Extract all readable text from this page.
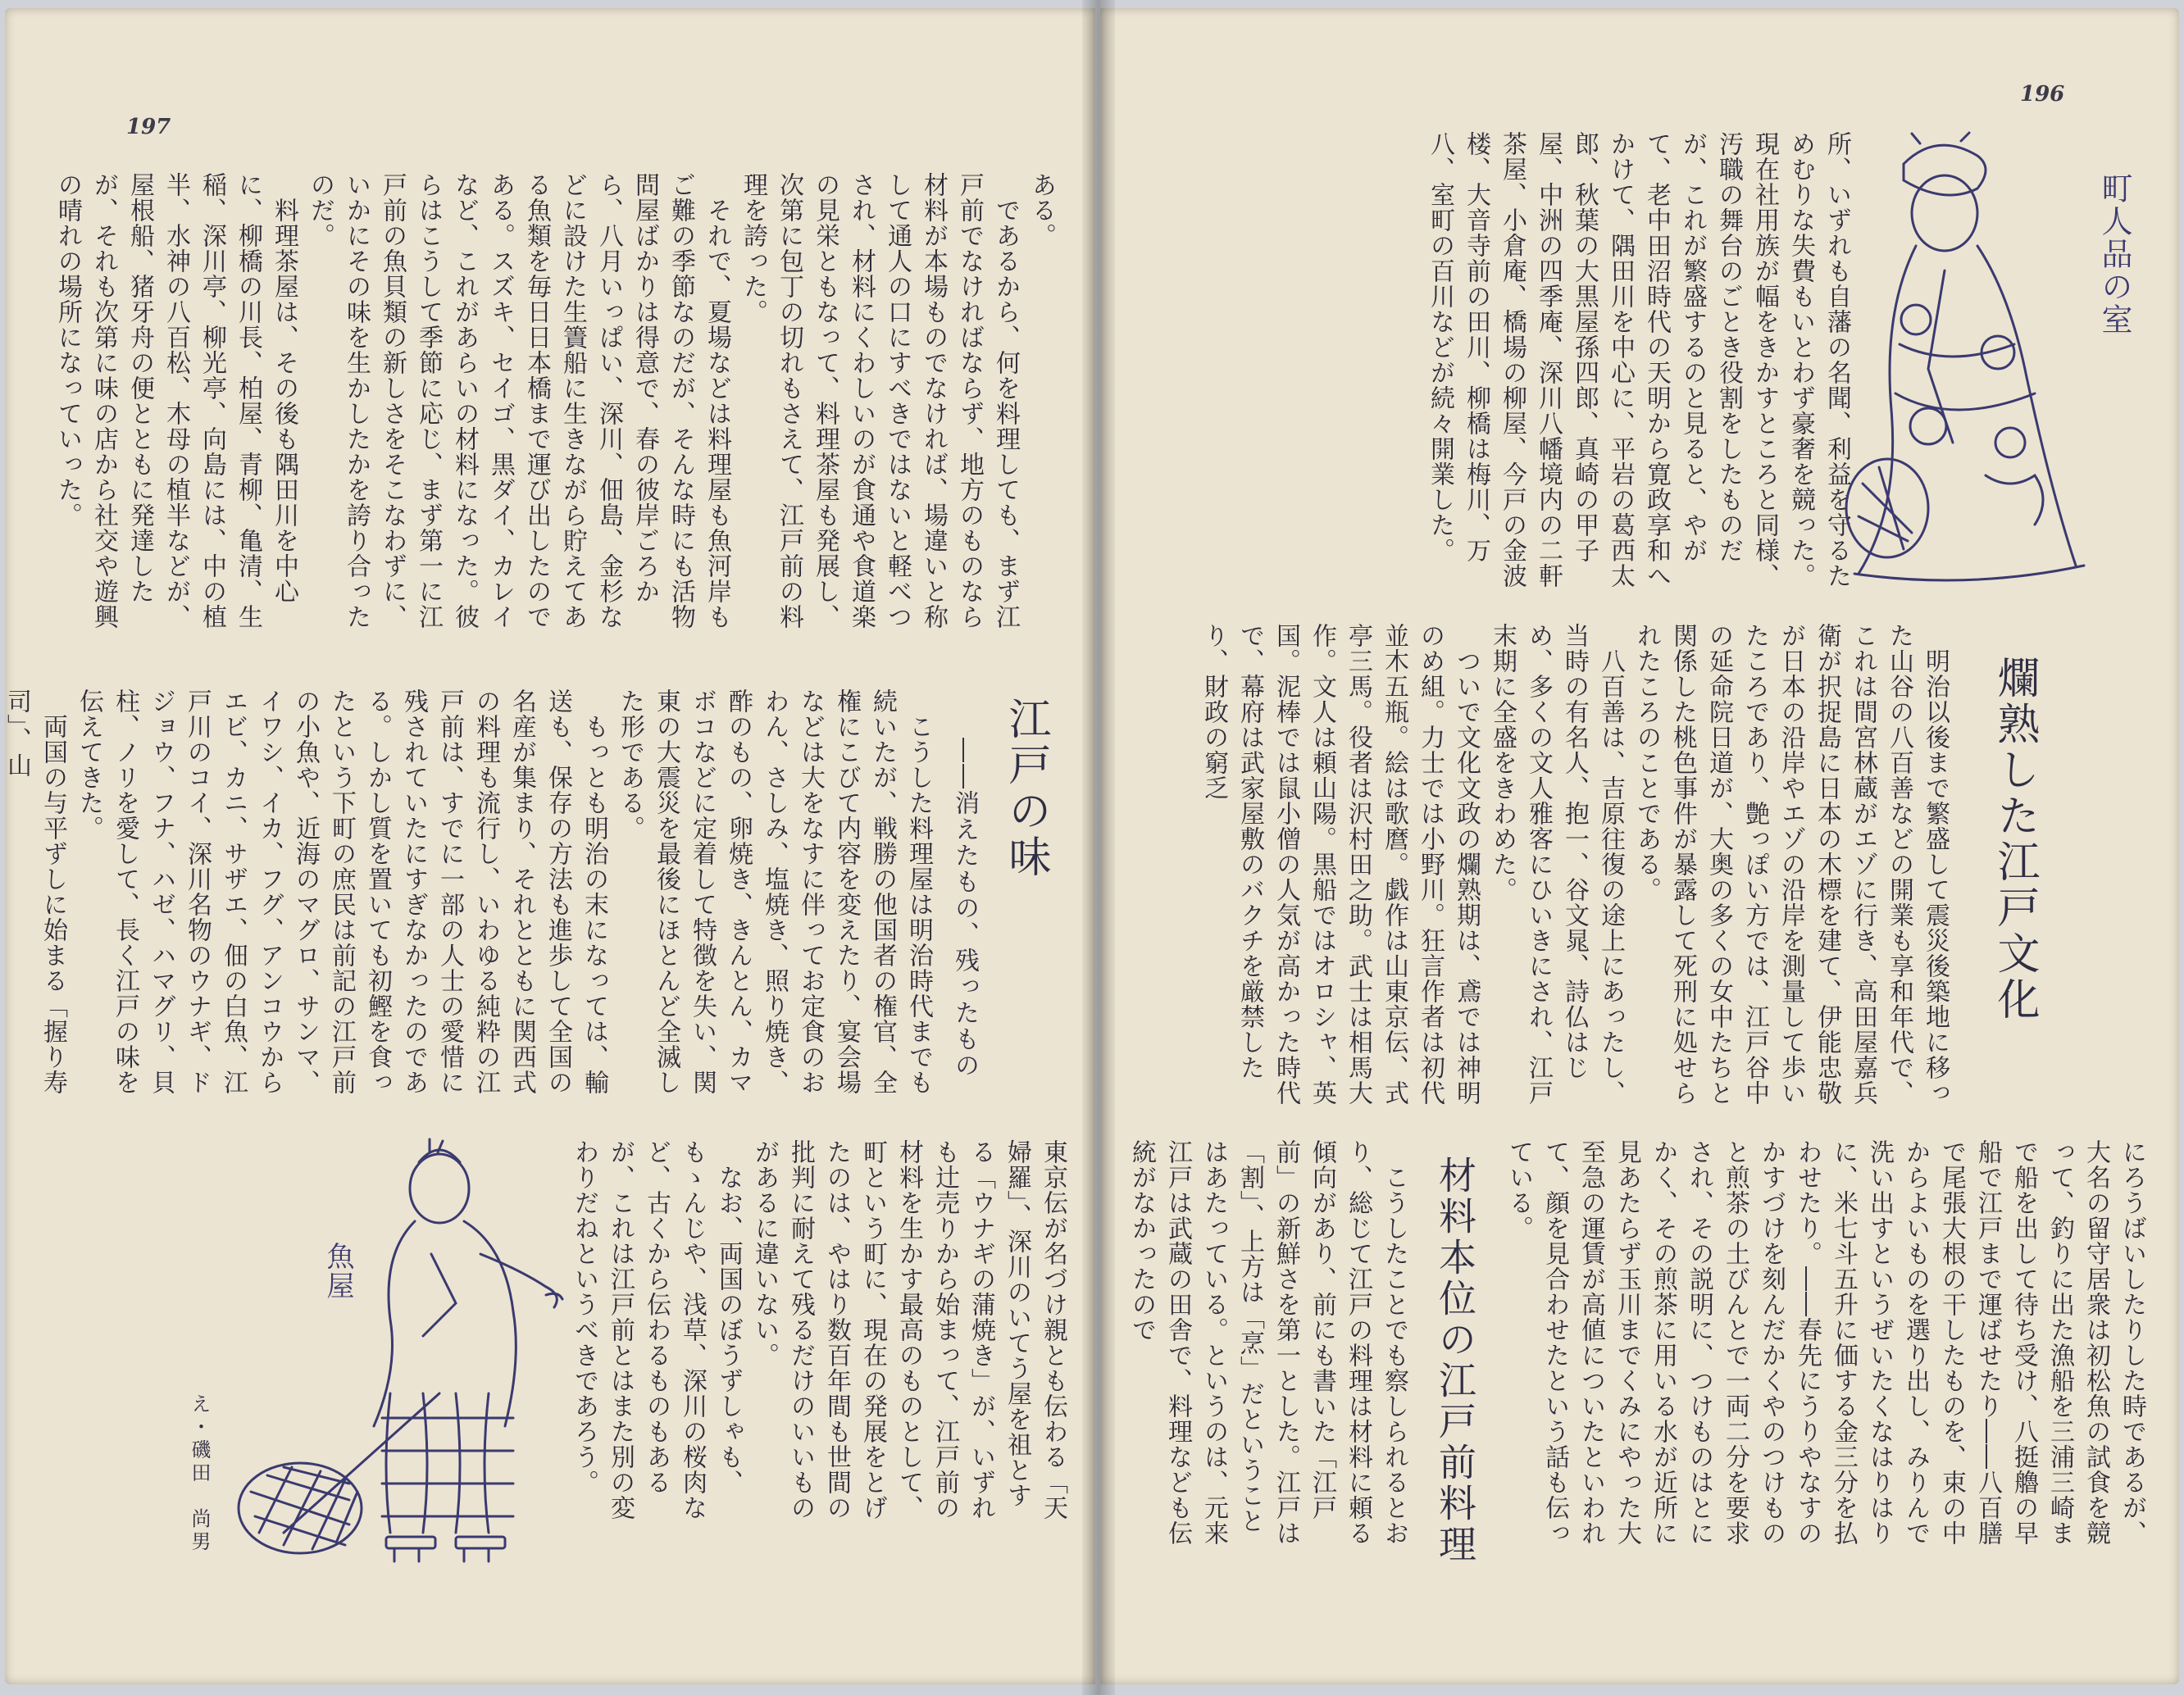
197
ある。
　であるから、何を料理しても、まず江戸前でなければならず、地方のものなら材料が本場ものでなければ、場違いと称して通人の口にすべきではないと軽べつされ、材料にくわしいのが食通や食道楽の見栄ともなって、料理茶屋も発展し、次第に包丁の切れもさえて、江戸前の料理を誇った。
　それで、夏場などは料理屋も魚河岸もご難の季節なのだが、そんな時にも活物問屋ばかりは得意で、春の彼岸ごろから、八月いっぱい、深川、佃島、金杉などに設けた生簀船に生きながら貯えてある魚類を毎日日本橋まで運び出したのである。スズキ、セイゴ、黒ダイ、カレイなど、これがあらいの材料になった。彼らはこうして季節に応じ、まず第一に江戸前の魚貝類の新しさをそこなわずに、いかにその味を生かしたかを誇り合ったのだ。
　料理茶屋は、その後も隅田川を中心に、柳橋の川長、柏屋、青柳、亀清、生稲、深川亭、柳光亭、向島には、中の植半、水神の八百松、木母の植半などが、屋根船、猪牙舟の便とともに発達したが、それも次第に味の店から社交や遊興の晴れの場所になっていった。
江戸の味
――消えたもの、残ったもの
　こうした料理屋は明治時代までも続いたが、戦勝の他国者の権官、全権にこびて内容を変えたり、宴会場などは大をなすに伴ってお定食のおわん、さしみ、塩焼き、照り焼き、酢のもの、卵焼き、きんとん、カマボコなどに定着して特徴を失い、関東の大震災を最後にほとんど全滅した形である。
　もっとも明治の末になっては、輸送も、保存の方法も進歩して全国の名産が集まり、それとともに関西式の料理も流行し、いわゆる純粋の江戸前は、すでに一部の人士の愛惜に残されていたにすぎなかったのである。しかし質を置いても初鰹を食ったという下町の庶民は前記の江戸前の小魚や、近海のマグロ、サンマ、イワシ、イカ、フグ、アンコウからエビ、カニ、サザエ、佃の白魚、江戸川のコイ、深川名物のウナギ、ドジョウ、フナ、ハゼ、ハマグリ、貝柱、ノリを愛して、長く江戸の味を伝えてきた。
　両国の与平ずしに始まる「握り寿司」、山
東京伝が名づけ親とも伝わる「天婦羅」、深川のいてう屋を祖とする「ウナギの蒲焼き」が、いずれも辻売りから始まって、江戸前の材料を生かす最高のものとして、町という町に、現在の発展をとげたのは、やはり数百年間も世間の批判に耐えて残るだけのいいものがあるに違いない。
　なお、両国のぼうずしゃも、もゝんじや、浅草、深川の桜肉など、古くから伝わるものもあるが、これは江戸前とはまた別の変わりだねというべきであろう。
魚屋
え・磯田　尚男
196
所、いずれも自藩の名聞、利益を守るためむりな失費もいとわず豪奢を競った。現在社用族が幅をきかすところと同様、汚職の舞台のごとき役割をしたものだが、これが繁盛するのと見ると、やがて、老中田沼時代の天明から寛政享和へかけて、隅田川を中心に、平岩の葛西太郎、秋葉の大黒屋孫四郎、真崎の甲子屋、中洲の四季庵、深川八幡境内の二軒茶屋、小倉庵、橋場の柳屋、今戸の金波楼、大音寺前の田川、柳橋は梅川、万八、室町の百川などが続々開業した。	町人品の室
爛熟した江戸文化
　明治以後まで繁盛して震災後築地に移った山谷の八百善などの開業も享和年代で、これは間宮林蔵がエゾに行き、高田屋嘉兵衛が択捉島に日本の木標を建て、伊能忠敬が日本の沿岸やエゾの沿岸を測量して歩いたころであり、艶っぽい方では、江戸谷中の延命院日道が、大奥の多くの女中たちと関係した桃色事件が暴露して死刑に処せられたころのことである。
　八百善は、吉原往復の途上にあったし、当時の有名人、抱一、谷文晁、詩仏はじめ、多くの文人雅客にひいきにされ、江戸末期に全盛をきわめた。
　ついで文化文政の爛熟期は、鳶では神明のめ組。力士では小野川。狂言作者は初代並木五瓶。絵は歌麿。戯作は山東京伝、式亭三馬。役者は沢村田之助。武士は相馬大作。文人は頼山陽。黒船ではオロシャ、英国。泥棒では鼠小僧の人気が高かった時代で、幕府は武家屋敷のバクチを厳禁したり、財政の窮乏
にろうばいしたりした時であるが、大名の留守居衆は初松魚の試食を競って、釣りに出た漁船を三浦三崎まで船を出して待ち受け、八挺艪の早船で江戸まで運ばせたり――八百膳で尾張大根の干したものを、束の中からよいものを選り出し、みりんで洗い出すというぜいたくなはりはりに、米七斗五升に価する金三分を払わせたり。――春先にうりやなすのかすづけを刻んだかくやのつけものと煎茶の土びんとで一両二分を要求され、その説明に、つけものはとにかく、その煎茶に用いる水が近所に見あたらず玉川までくみにやった大至急の運賃が高値についたといわれて、顔を見合わせたという話も伝っている。
材料本位の江戸前料理
　こうしたことでも察しられるとおり、総じて江戸の料理は材料に頼る傾向があり、前にも書いた「江戸前」の新鮮さを第一とした。江戸は「割」、上方は「烹」だということはあたっている。というのは、元来江戸は武蔵の田舎で、料理なども伝統がなかったので
